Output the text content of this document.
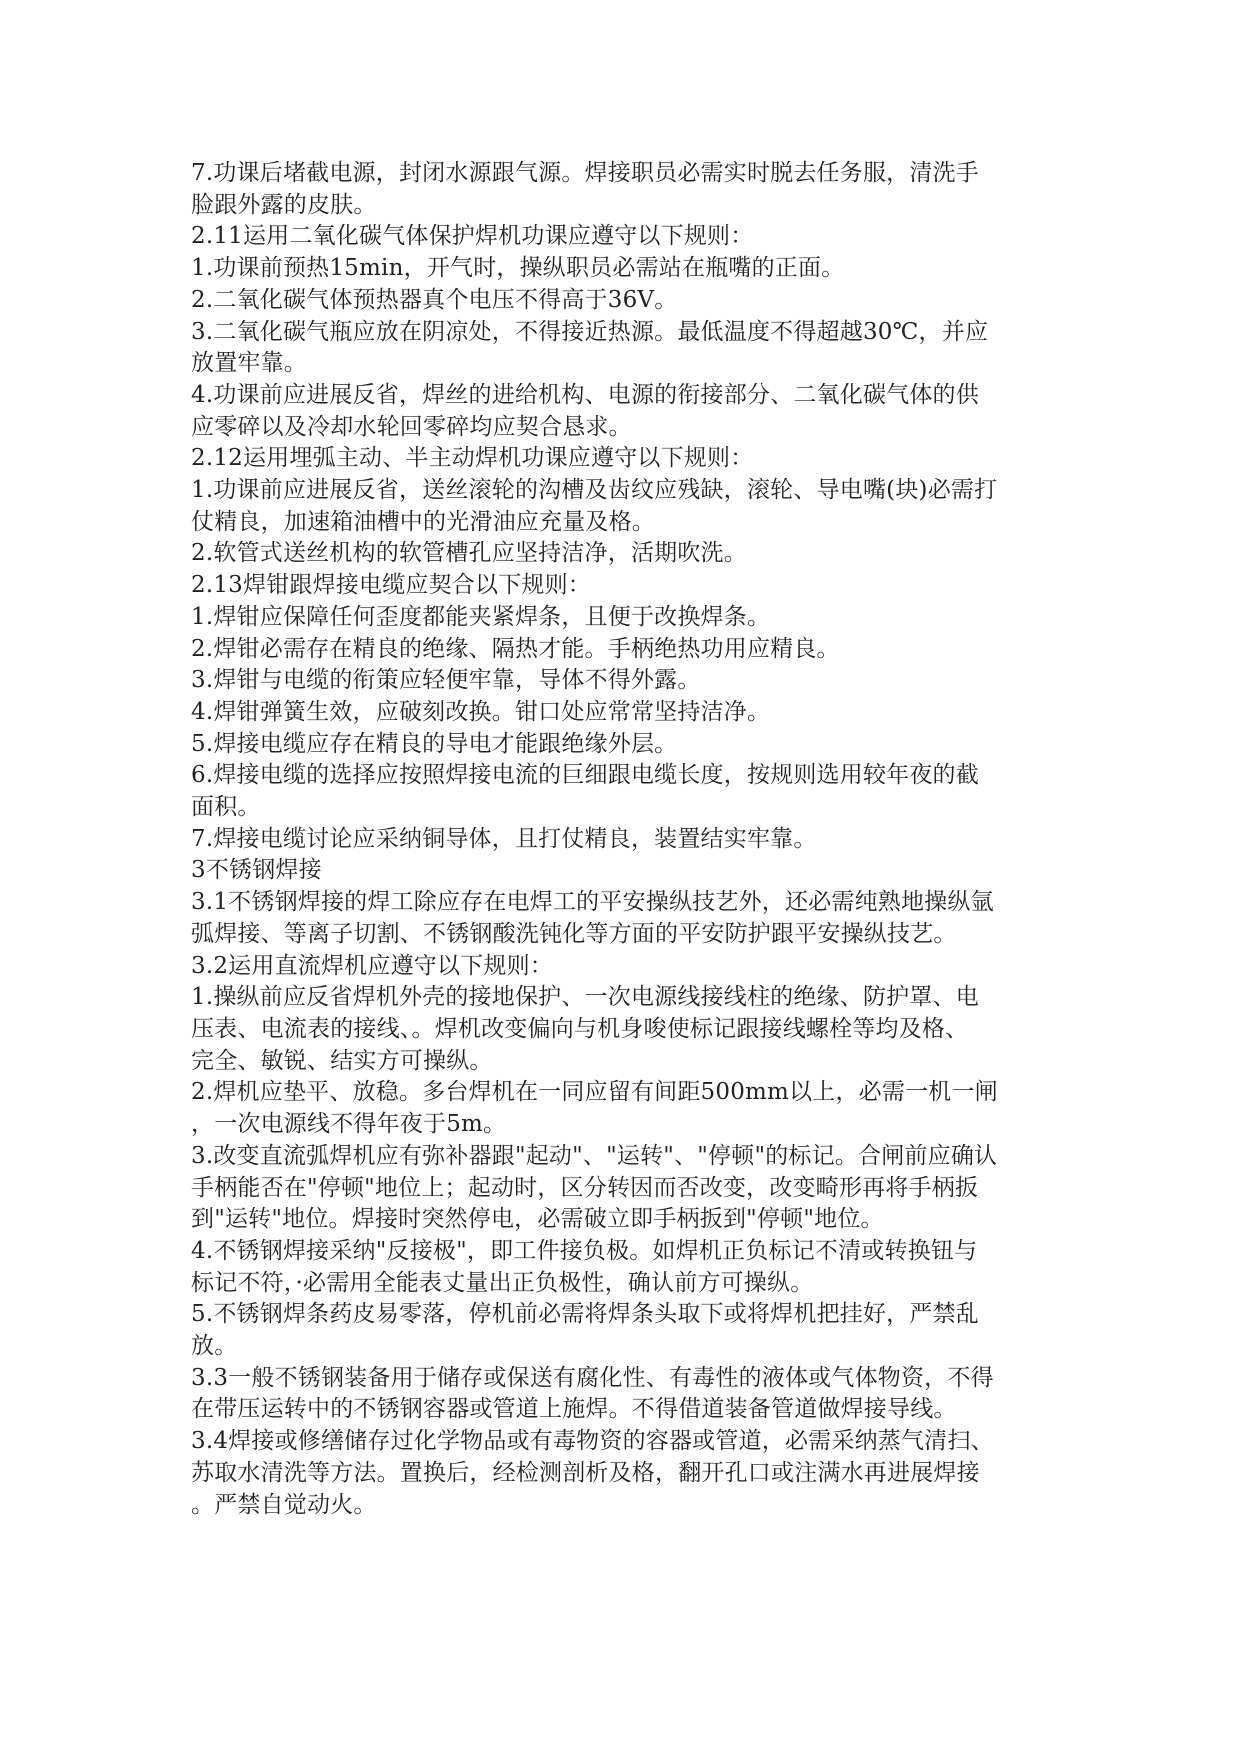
7.功课后堵截电源，封闭水源跟气源。焊接职员必需实时脱去任务服，清洗手
脸跟外露的皮肤。
2.11运用二氧化碳气体保护焊机功课应遵守以下规则：
1.功课前预热15min，开气时，操纵职员必需站在瓶嘴的正面。
2.二氧化碳气体预热器真个电压不得高于36V。
3.二氧化碳气瓶应放在阴凉处，不得接近热源。最低温度不得超越30℃，并应
放置牢靠。
4.功课前应进展反省，焊丝的进给机构、电源的衔接部分、二氧化碳气体的供
应零碎以及冷却水轮回零碎均应契合恳求。
2.12运用埋弧主动、半主动焊机功课应遵守以下规则：
1.功课前应进展反省，送丝滚轮的沟槽及齿纹应残缺，滚轮、导电嘴(块)必需打
仗精良，加速箱油槽中的光滑油应充量及格。
2.软管式送丝机构的软管槽孔应坚持洁净，活期吹洗。
2.13焊钳跟焊接电缆应契合以下规则：
1.焊钳应保障任何歪度都能夹紧焊条，且便于改换焊条。
2.焊钳必需存在精良的绝缘、隔热才能。手柄绝热功用应精良。
3.焊钳与电缆的衔策应轻便牢靠，导体不得外露。
4.焊钳弹簧生效，应破刻改换。钳口处应常常坚持洁净。
5.焊接电缆应存在精良的导电才能跟绝缘外层。
6.焊接电缆的选择应按照焊接电流的巨细跟电缆长度，按规则选用较年夜的截
面积。
7.焊接电缆讨论应采纳铜导体，且打仗精良，装置结实牢靠。
3不锈钢焊接
3.1不锈钢焊接的焊工除应存在电焊工的平安操纵技艺外，还必需纯熟地操纵氩
弧焊接、等离子切割、不锈钢酸洗钝化等方面的平安防护跟平安操纵技艺。
3.2运用直流焊机应遵守以下规则：
1.操纵前应反省焊机外壳的接地保护、一次电源线接线柱的绝缘、防护罩、电
压表、电流表的接线、。焊机改变偏向与机身唆使标记跟接线螺栓等均及格、
完全、敏锐、结实方可操纵。
2.焊机应垫平、放稳。多台焊机在一同应留有间距500mm以上，必需一机一闸
，一次电源线不得年夜于5m。
3.改变直流弧焊机应有弥补器跟"起动"、"运转"、"停顿"的标记。合闸前应确认
手柄能否在"停顿"地位上；起动时，区分转因而否改变，改变畸形再将手柄扳
到"运转"地位。焊接时突然停电，必需破立即手柄扳到"停顿"地位。
4.不锈钢焊接采纳"反接极"，即工件接负极。如焊机正负标记不清或转换钮与
标记不符，·必需用全能表丈量出正负极性，确认前方可操纵。
5.不锈钢焊条药皮易零落，停机前必需将焊条头取下或将焊机把挂好，严禁乱
放。
3.3一般不锈钢装备用于储存或保送有腐化性、有毒性的液体或气体物资，不得
在带压运转中的不锈钢容器或管道上施焊。不得借道装备管道做焊接导线。
3.4焊接或修缮储存过化学物品或有毒物资的容器或管道，必需采纳蒸气清扫、
苏取水清洗等方法。置换后，经检测剖析及格，翻开孔口或注满水再进展焊接
。严禁自觉动火。
